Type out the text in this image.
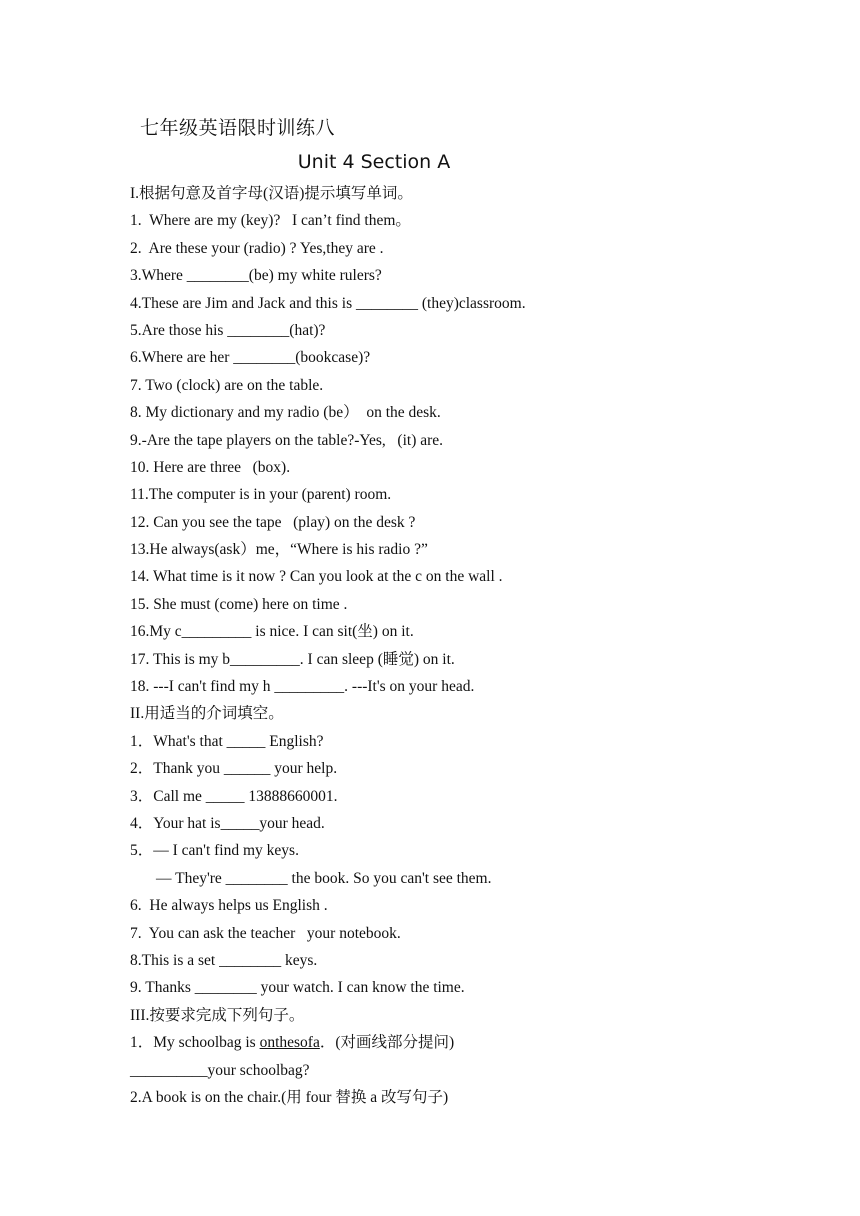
七年级英语限时训练八
Unit 4 Section A
I.根据句意及首字母(汉语)提示填写单词。
1.  Where are my (key)?   I can’t find them。
2.  Are these your (radio) ? Yes,they are .
3.Where ________(be) my white rulers?
4.These are Jim and Jack and this is ________ (they)classroom.
5.Are those his ________(hat)?
6.Where are her ________(bookcase)?
7. Two (clock) are on the table.
8. My dictionary and my radio (be）  on the desk.
9.-Are the tape players on the table?-Yes,   (it) are.
10. Here are three   (box).
11.The computer is in your (parent) room.
12. Can you see the tape   (play) on the desk ?
13.He always(ask）me，“Where is his radio ?”
14. What time is it now ? Can you look at the c on the wall .
15. She must (come) here on time .
16.My c_________ is nice. I can sit(坐) on it.
17. This is my b_________. I can sleep (睡觉) on it.
18. ---I can't find my h _________. ---It's on your head.
II.用适当的介词填空。
1．What's that _____ English?
2．Thank you ______ your help.
3．Call me _____ 13888660001.
4．Your hat is_____your head.
5．— I can't find my keys.
— They're ________ the book. So you can't see them.
6.  He always helps us English .
7.  You can ask the teacher   your notebook.
8.This is a set ________ keys.
9. Thanks ________ your watch. I can know the time.
III.按要求完成下列句子。
1．My schoolbag is onthesofa．(对画线部分提问)
__________your schoolbag?
2.A book is on the chair.(用 four 替换 a 改写句子)
